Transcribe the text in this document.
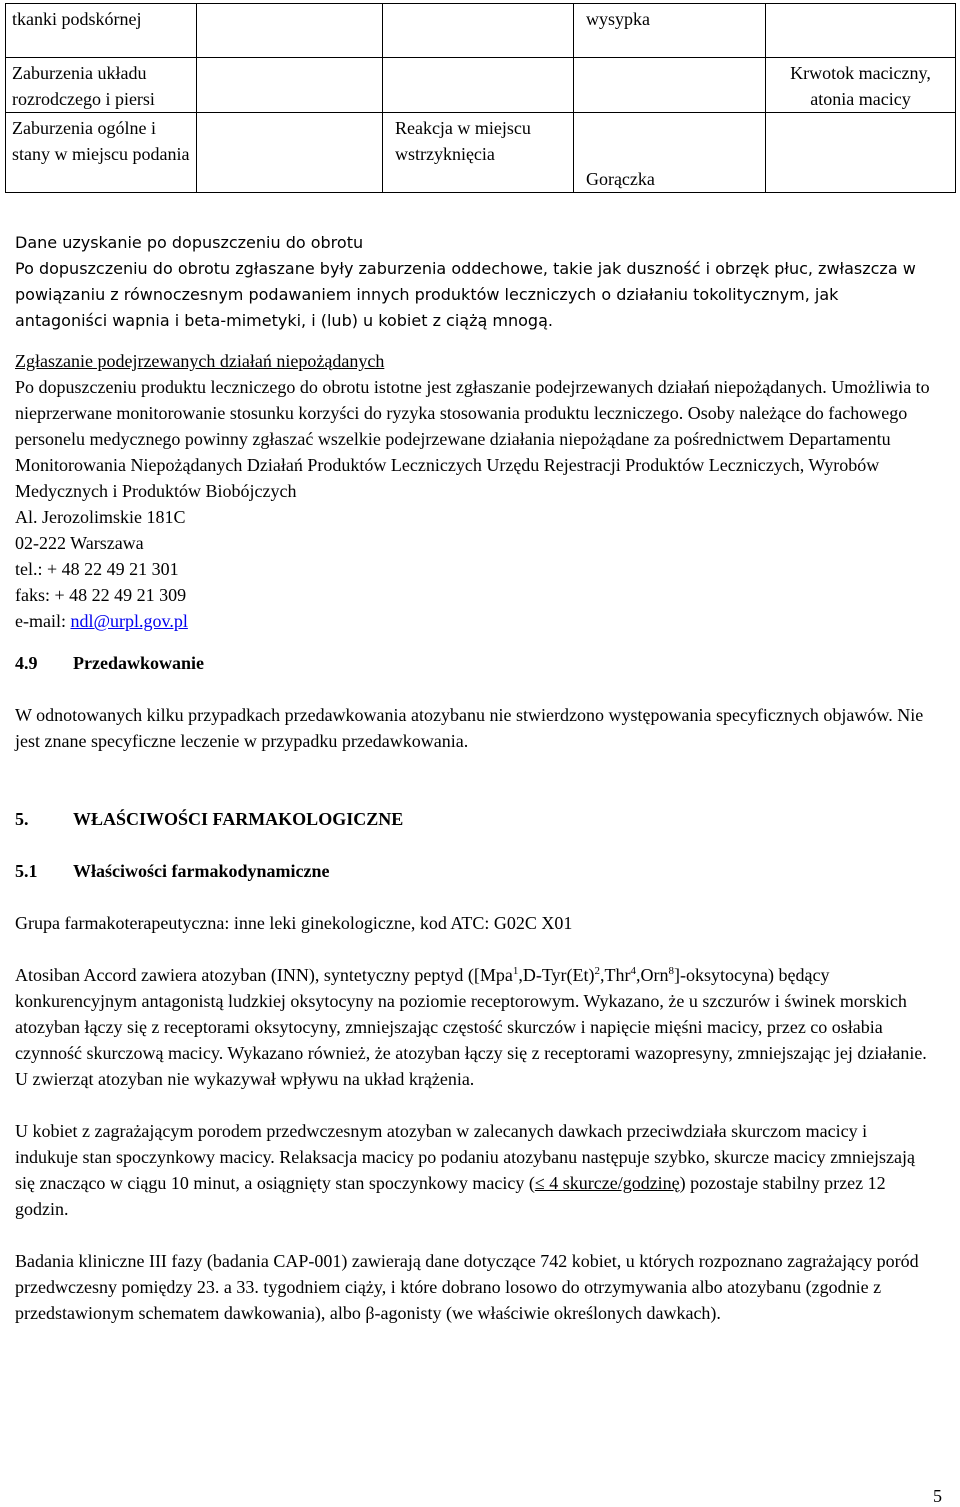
tkanki podskórnej			wysypka	
Zaburzenia układu rozrodczego i piersi				Krwotok maciczny, atonia macicy
Zaburzenia ogólne i stany w miejscu podania		Reakcja w miejscu wstrzyknięcia	Gorączka	

Dane uzyskanie po dopuszczeniu do obrotu

Po dopuszczeniu do obrotu zgłaszane były zaburzenia oddechowe, takie jak duszność i obrzęk płuc, zwłaszcza w powiązaniu z równoczesnym podawaniem innych produktów leczniczych o działaniu tokolitycznym, jak antagoniści wapnia i beta-mimetyki, i (lub) u kobiet z ciążą mnogą.

Zgłaszanie podejrzewanych działań niepożądanych

Po dopuszczeniu produktu leczniczego do obrotu istotne jest zgłaszanie podejrzewanych działań niepożądanych. Umożliwia to nieprzerwane monitorowanie stosunku korzyści do ryzyka stosowania produktu leczniczego. Osoby należące do fachowego personelu medycznego powinny zgłaszać wszelkie podejrzewane działania niepożądane za pośrednictwem Departamentu Monitorowania Niepożądanych Działań Produktów Leczniczych Urzędu Rejestracji Produktów Leczniczych, Wyrobów Medycznych i Produktów Biobójczych

Al. Jerozolimskie 181C

02-222 Warszawa

tel.: + 48 22 49 21 301

faks: + 48 22 49 21 309

e-mail: ndl@urpl.gov.pl

4.9	Przedawkowanie

W odnotowanych kilku przypadkach przedawkowania atozybanu nie stwierdzono występowania specyficznych objawów. Nie jest znane specyficzne leczenie w przypadku przedawkowania.

5.	WŁAŚCIWOŚCI FARMAKOLOGICZNE
5.1	Właściwości farmakodynamiczne

Grupa farmakoterapeutyczna: inne leki ginekologiczne, kod ATC: G02C X01

Atosiban Accord zawiera atozyban (INN), syntetyczny peptyd $([Mpa^1,D-Tyr(Et)^2,Thr^4,Orn^8]-oksytocyna)$ będący konkurencyjnym antagonistą ludzkiej oksytocyny na poziomie receptorowym. Wykazano, że u szczurów i świnek morskich atozyban łączy się z receptorami oksytocyny, zmniejszając częstość skurczów i napięcie mięśni macicy, przez co osłabia czynność skurczową macicy. Wykazano również, że atozyban łączy się z receptorami wazopresyny, zmniejszając jej działanie. U zwierząt atozyban nie wykazywał wpływu na układ krążenia.

U kobiet z zagrażającym porodem przedwczesnym atozyban w zalecanych dawkach przeciwdziała skurczom macicy i indukuje stan spoczynkowy macicy. Relaksacja macicy po podaniu atozybanu następuje szybko, skurcze macicy zmniejszają się znacząco w ciągu 10 minut, a osiągnięty stan spoczynkowy macicy (≤ 4 skurcze/godzinę) pozostaje stabilny przez 12 godzin.

Badania kliniczne III fazy (badania CAP-001) zawierają dane dotyczące 742 kobiet, u których rozpoznano zagrażający poród przedwczesny pomiędzy 23. a 33. tygodniem ciąży, i które dobrano losowo do otrzymywania albo atozybanu (zgodnie z przedstawionym schematem dawkowania), albo β-agonisty (we właściwie określonych dawkach).

5
